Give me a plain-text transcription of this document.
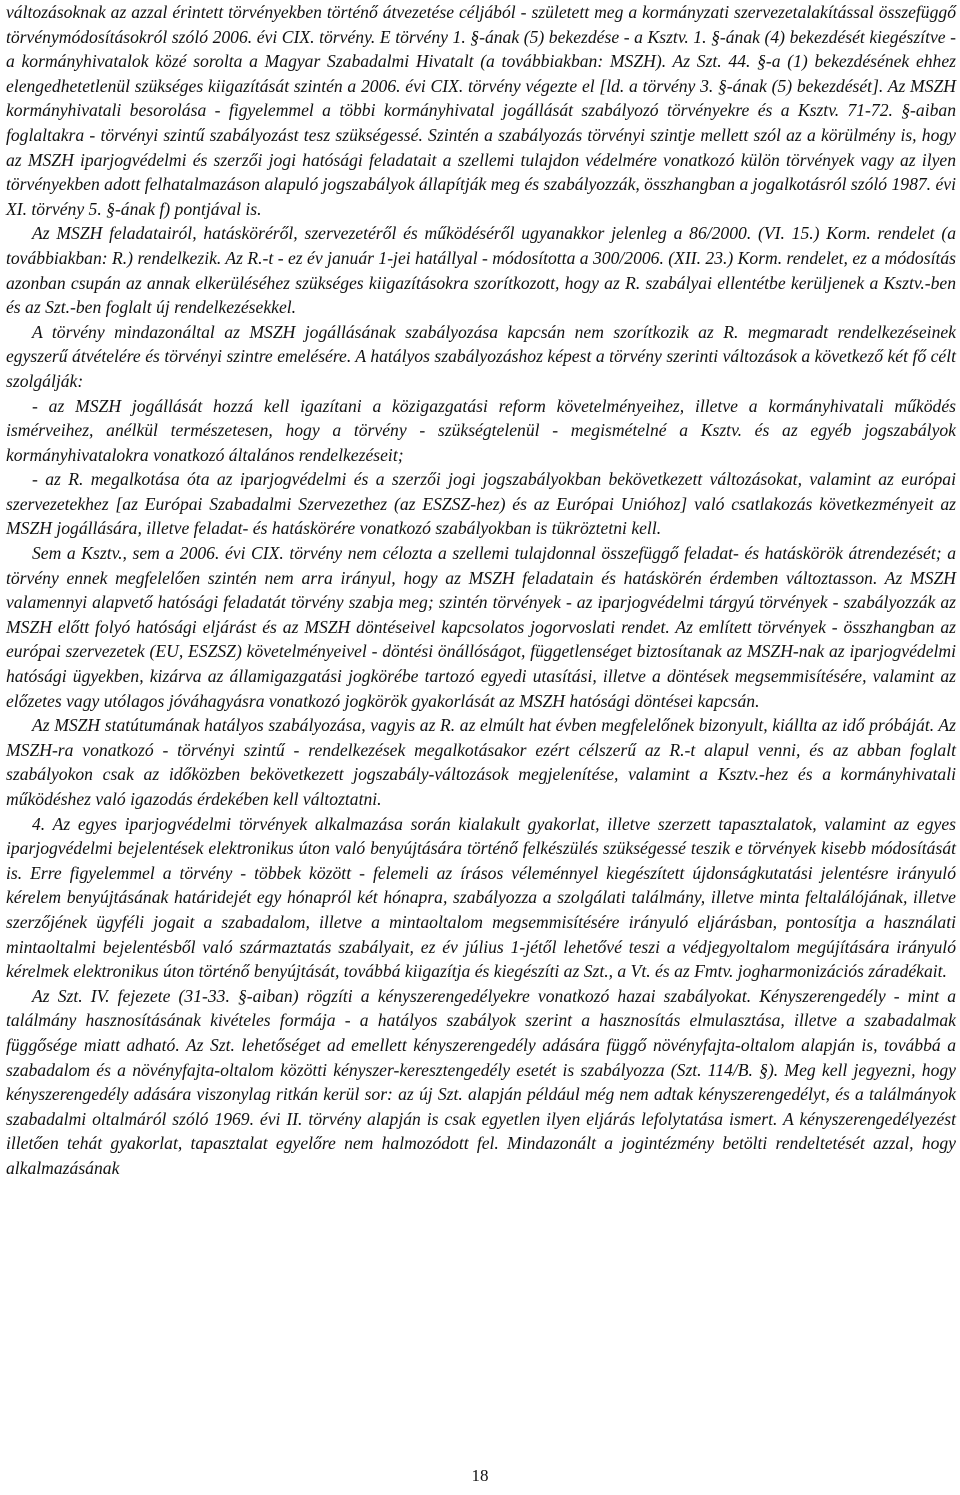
változásoknak az azzal érintett törvényekben történő átvezetése céljából - született meg a kormányzati szervezetalakítással összefüggő törvénymódosításokról szóló 2006. évi CIX. törvény. E törvény 1. §-ának (5) bekezdése - a Ksztv. 1. §-ának (4) bekezdését kiegészítve - a kormányhivatalok közé sorolta a Magyar Szabadalmi Hivatalt (a továbbiakban: MSZH). Az Szt. 44. §-a (1) bekezdésének ehhez elengedhetetlenül szükséges kiigazítását szintén a 2006. évi CIX. törvény végezte el [ld. a törvény 3. §-ának (5) bekezdését]. Az MSZH kormányhivatali besorolása - figyelemmel a többi kormányhivatal jogállását szabályozó törvényekre és a Ksztv. 71-72. §-aiban foglaltakra - törvényi szintű szabályozást tesz szükségessé. Szintén a szabályozás törvényi szintje mellett szól az a körülmény is, hogy az MSZH iparjogvédelmi és szerzői jogi hatósági feladatait a szellemi tulajdon védelmére vonatkozó külön törvények vagy az ilyen törvényekben adott felhatalmazáson alapuló jogszabályok állapítják meg és szabályozzák, összhangban a jogalkotásról szóló 1987. évi XI. törvény 5. §-ának f) pontjával is.

Az MSZH feladatairól, hatásköréről, szervezetéről és működéséről ugyanakkor jelenleg a 86/2000. (VI. 15.) Korm. rendelet (a továbbiakban: R.) rendelkezik. Az R.-t - ez év január 1-jei hatállyal - módosította a 300/2006. (XII. 23.) Korm. rendelet, ez a módosítás azonban csupán az annak elkerüléséhez szükséges kiigazításokra szorítkozott, hogy az R. szabályai ellentétbe kerüljenek a Ksztv.-ben és az Szt.-ben foglalt új rendelkezésekkel.

A törvény mindazonáltal az MSZH jogállásának szabályozása kapcsán nem szorítkozik az R. megmaradt rendelkezéseinek egyszerű átvételére és törvényi szintre emelésére. A hatályos szabályozáshoz képest a törvény szerinti változások a következő két fő célt szolgálják:

- az MSZH jogállását hozzá kell igazítani a közigazgatási reform követelményeihez, illetve a kormányhivatali működés ismérveihez, anélkül természetesen, hogy a törvény - szükségtelenül - megismételné a Ksztv. és az egyéb jogszabályok kormányhivatalokra vonatkozó általános rendelkezéseit;

- az R. megalkotása óta az iparjogvédelmi és a szerzői jogi jogszabályokban bekövetkezett változásokat, valamint az európai szervezetekhez [az Európai Szabadalmi Szervezethez (az ESZSZ-hez) és az Európai Unióhoz] való csatlakozás következményeit az MSZH jogállására, illetve feladat- és hatáskörére vonatkozó szabályokban is tükröztetni kell.

Sem a Ksztv., sem a 2006. évi CIX. törvény nem célozta a szellemi tulajdonnal összefüggő feladat- és hatáskörök átrendezését; a törvény ennek megfelelően szintén nem arra irányul, hogy az MSZH feladatain és hatáskörén érdemben változtasson. Az MSZH valamennyi alapvető hatósági feladatát törvény szabja meg; szintén törvények - az iparjogvédelmi tárgyú törvények - szabályozzák az MSZH előtt folyó hatósági eljárást és az MSZH döntéseivel kapcsolatos jogorvoslati rendet. Az említett törvények - összhangban az európai szervezetek (EU, ESZSZ) követelményeivel - döntési önállóságot, függetlenséget biztosítanak az MSZH-nak az iparjogvédelmi hatósági ügyekben, kizárva az államigazgatási jogkörébe tartozó egyedi utasítási, illetve a döntések megsemmisítésére, valamint az előzetes vagy utólagos jóváhagyásra vonatkozó jogkörök gyakorlását az MSZH hatósági döntései kapcsán.

Az MSZH statútumának hatályos szabályozása, vagyis az R. az elmúlt hat évben megfelelőnek bizonyult, kiállta az idő próbáját. Az MSZH-ra vonatkozó - törvényi szintű - rendelkezések megalkotásakor ezért célszerű az R.-t alapul venni, és az abban foglalt szabályokon csak az időközben bekövetkezett jogszabály-változások megjelenítése, valamint a Ksztv.-hez és a kormányhivatali működéshez való igazodás érdekében kell változtatni.

4. Az egyes iparjogvédelmi törvények alkalmazása során kialakult gyakorlat, illetve szerzett tapasztalatok, valamint az egyes iparjogvédelmi bejelentések elektronikus úton való benyújtására történő felkészülés szükségessé teszik e törvények kisebb módosítását is. Erre figyelemmel a törvény - többek között - felemeli az írásos véleménnyel kiegészített újdonságkutatási jelentésre irányuló kérelem benyújtásának határidejét egy hónapról két hónapra, szabályozza a szolgálati találmány, illetve minta feltalálójának, illetve szerzőjének ügyféli jogait a szabadalom, illetve a mintaoltalom megsemmisítésére irányuló eljárásban, pontosítja a használati mintaoltalmi bejelentésből való származtatás szabályait, ez év július 1-jétől lehetővé teszi a védjegyoltalom megújítására irányuló kérelmek elektronikus úton történő benyújtását, továbbá kiigazítja és kiegészíti az Szt., a Vt. és az Fmtv. jogharmonizációs záradékait.

Az Szt. IV. fejezete (31-33. §-aiban) rögzíti a kényszerengedélyekre vonatkozó hazai szabályokat. Kényszerengedély - mint a találmány hasznosításának kivételes formája - a hatályos szabályok szerint a hasznosítás elmulasztása, illetve a szabadalmak függősége miatt adható. Az Szt. lehetőséget ad emellett kényszerengedély adására függő növényfajta-oltalom alapján is, továbbá a szabadalom és a növényfajta-oltalom közötti kényszer-keresztengedély esetét is szabályozza (Szt. 114/B. §). Meg kell jegyezni, hogy kényszerengedély adására viszonylag ritkán kerül sor: az új Szt. alapján például még nem adtak kényszerengedélyt, és a találmányok szabadalmi oltalmáról szóló 1969. évi II. törvény alapján is csak egyetlen ilyen eljárás lefolytatása ismert. A kényszerengedélyezést illetően tehát gyakorlat, tapasztalat egyelőre nem halmozódott fel. Mindazonált a jogintézmény betölti rendeltetését azzal, hogy alkalmazásának

18
